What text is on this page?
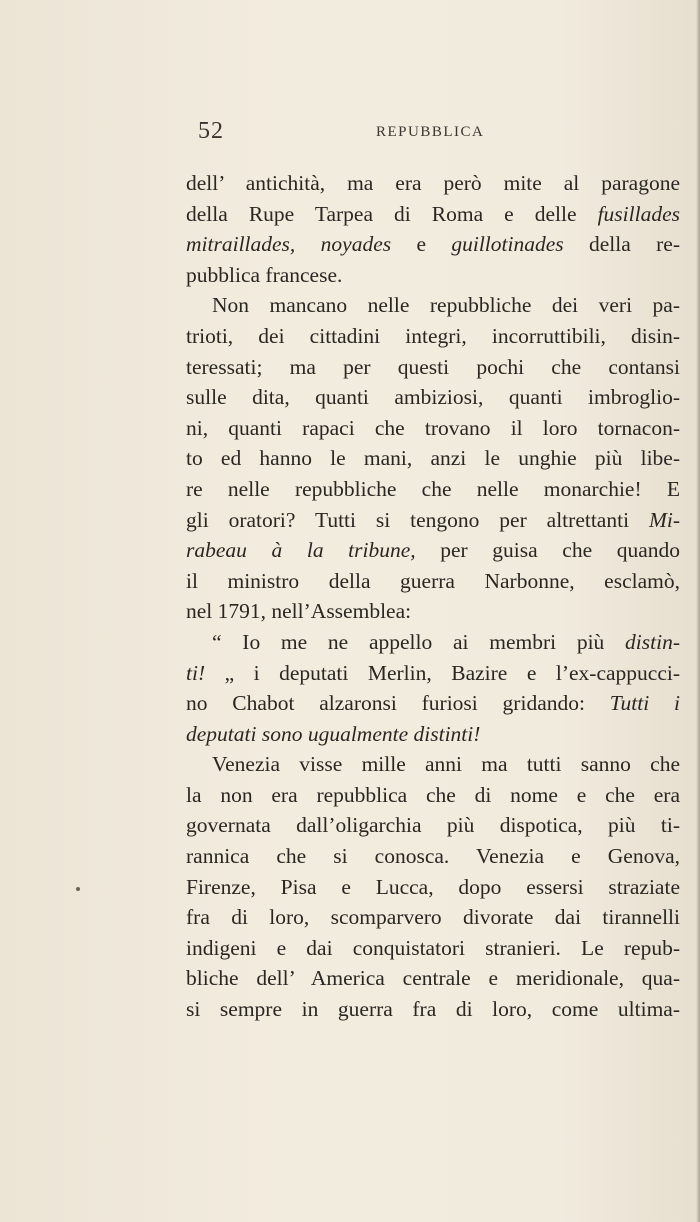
52	REPUBBLICA
dell’ antichità, ma era però mite al paragone
della Rupe Tarpea di Roma e delle fusillades
mitraillades, noyades e guillotinades della re-
pubblica francese.
Non mancano nelle repubbliche dei veri pa-
trioti, dei cittadini integri, incorruttibili, disin-
teressati; ma per questi pochi che contansi
sulle dita, quanti ambiziosi, quanti imbroglio-
ni, quanti rapaci che trovano il loro tornacon-
to ed hanno le mani, anzi le unghie più libe-
re nelle repubbliche che nelle monarchie! E
gli oratori? Tutti si tengono per altrettanti Mi-
rabeau à la tribune, per guisa che quando
il ministro della guerra Narbonne, esclamò,
nel 1791, nell’Assemblea:
“ Io me ne appello ai membri più distin-
ti! „ i deputati Merlin, Bazire e l’ex-cappucci-
no Chabot alzaronsi furiosi gridando: Tutti i
deputati sono ugualmente distinti!
Venezia visse mille anni ma tutti sanno che
la non era repubblica che di nome e che era
governata dall’oligarchia più dispotica, più ti-
rannica che si conosca. Venezia e Genova,
Firenze, Pisa e Lucca, dopo essersi straziate
fra di loro, scomparvero divorate dai tirannelli
indigeni e dai conquistatori stranieri. Le repub-
bliche dell’ America centrale e meridionale, qua-
si sempre in guerra fra di loro, come ultima-
